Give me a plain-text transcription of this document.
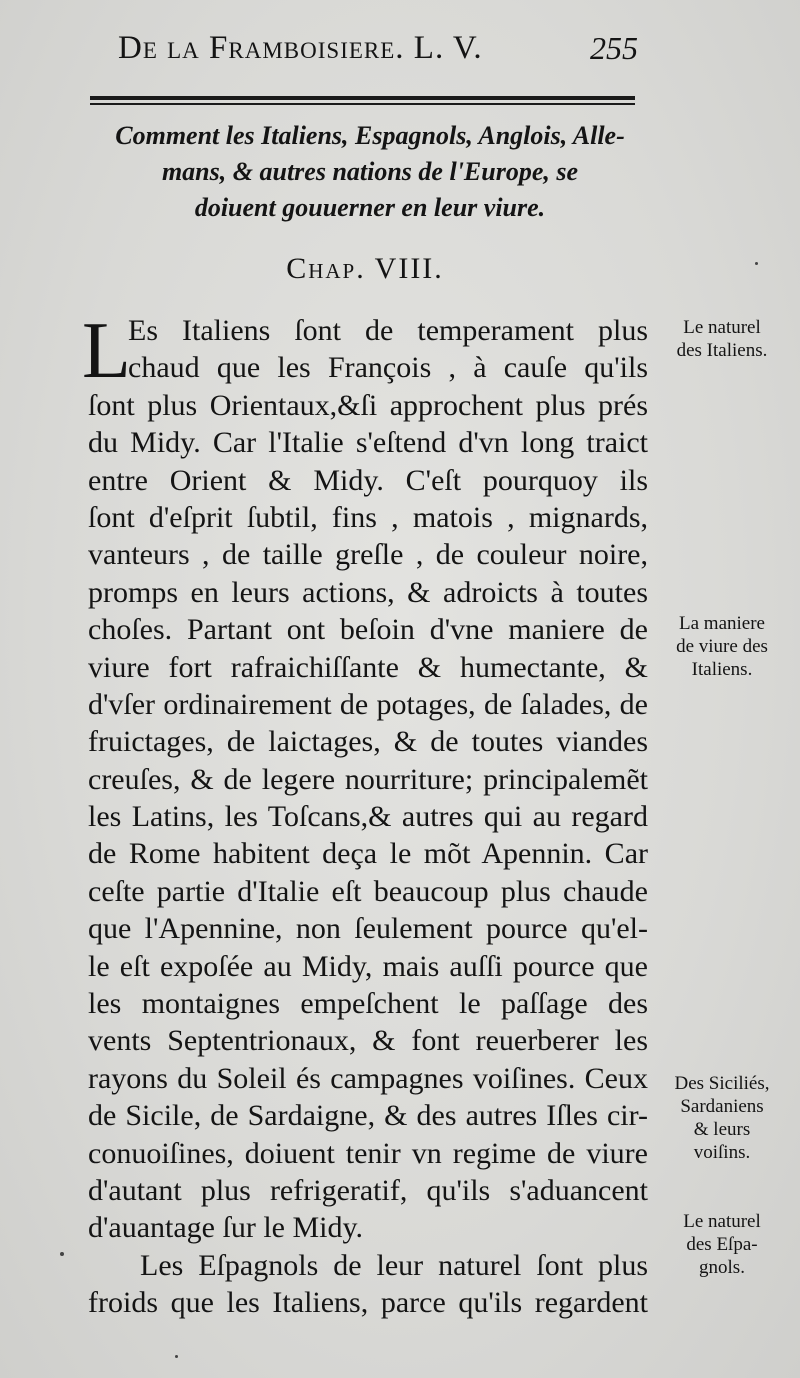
De la Framboisiere. L. V.	255
Comment les Italiens, Espagnols, Anglois, Alle-
mans, & autres nations de l'Europe, se
doiuent gouuerner en leur viure.
Chap. VIII.
L
Es Italiens ſont de temperament plus
chaud que les François , à cauſe qu'ils
ſont plus Orientaux,&ſi approchent plus prés
du Midy. Car l'Italie s'eſtend d'vn long traict
entre Orient & Midy. C'eſt pourquoy ils
ſont d'eſprit ſubtil, fins , matois , mignards,
vanteurs , de taille greſle , de couleur noire,
promps en leurs actions, & adroicts à toutes
choſes. Partant ont beſoin d'vne maniere de
viure fort rafraichiſſante & humectante, &
d'vſer ordinairement de potages, de ſalades, de
fruictages, de laictages, & de toutes viandes
creuſes, & de legere nourriture; principalemẽt
les Latins, les Toſcans,& autres qui au regard
de Rome habitent deça le mõt Apennin. Car
ceſte partie d'Italie eſt beaucoup plus chaude
que l'Apennine, non ſeulement pource qu'el-
le eſt expoſée au Midy, mais auſſi pource que
les montaignes empeſchent le paſſage des
vents Septentrionaux, & font reuerberer les
rayons du Soleil és campagnes voiſines. Ceux
de Sicile, de Sardaigne, & des autres Iſles cir-
conuoiſines, doiuent tenir vn regime de viure
d'autant plus refrigeratif, qu'ils s'aduancent
d'auantage ſur le Midy.
Les Eſpagnols de leur naturel ſont plus
froids que les Italiens, parce qu'ils regardent
Le naturel
des Italiens.
La maniere
de viure des
Italiens.
Des Siciliés,
Sardaniens
& leurs
voiſins.
Le naturel
des Eſpa-
gnols.
